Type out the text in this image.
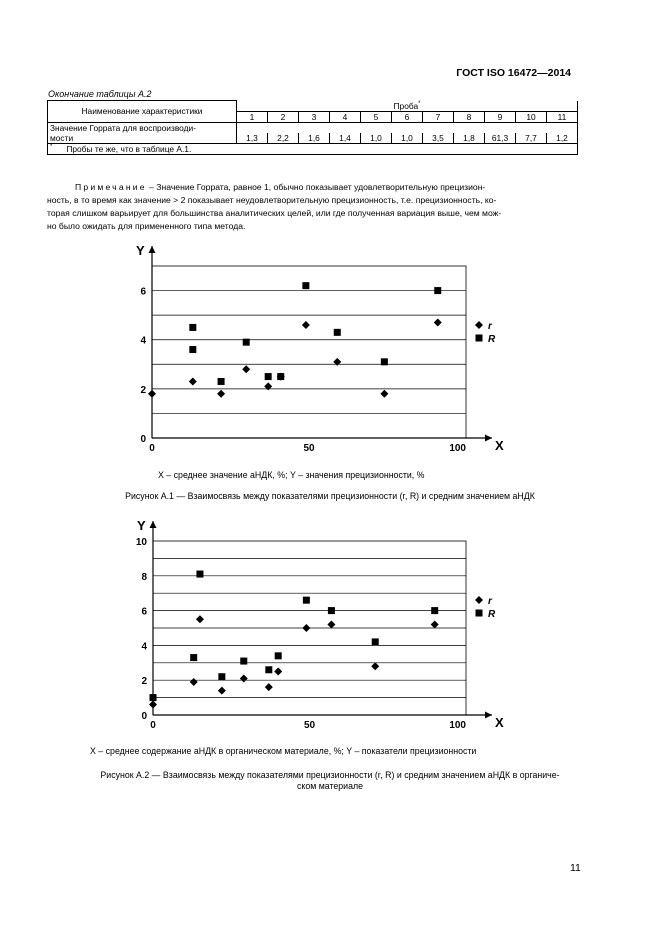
ГОСТ ISO 16472—2014
Окончание таблицы А.2
Наименование характеристики	Проба*
	1	2	3	4	5	6	7	8	9	10	11
Значение Горрата для воспроизводи-											
мости	1,3	2,2	1,6	1,4	1,0	1,0	3,5	1,8	61,3	7,7	1,2
* Пробы те же, что в таблице А.1.											
Примечание – Значение Горрата, равное 1, обычно показывает удовлетворительную прецизион-
ность, в то время как значение > 2 показывает неудовлетворительную прецизионность, т.е. прецизионность, ко-
торая слишком варьирует для большинства аналитических целей, или где полученная вариация выше, чем мож-
но было ожидать для примененного типа метода.
Y
X
0
2
4
6
0	50	100
r
R
X – среднее значение аНДК, %; Y – значения прецизионности, %
Рисунок А.1 — Взаимосвязь между показателями прецизионности (r, R) и средним значением аНДК
Y
X
0
2
4
6
8
10
0	50	100
r
R
X – среднее содержание аНДК в органическом материале, %; Y – показатели прецизионности
Рисунок А.2 — Взаимосвязь между показателями прецизионности (r, R) и средним значением аНДК в органиче-
ском материале
11
